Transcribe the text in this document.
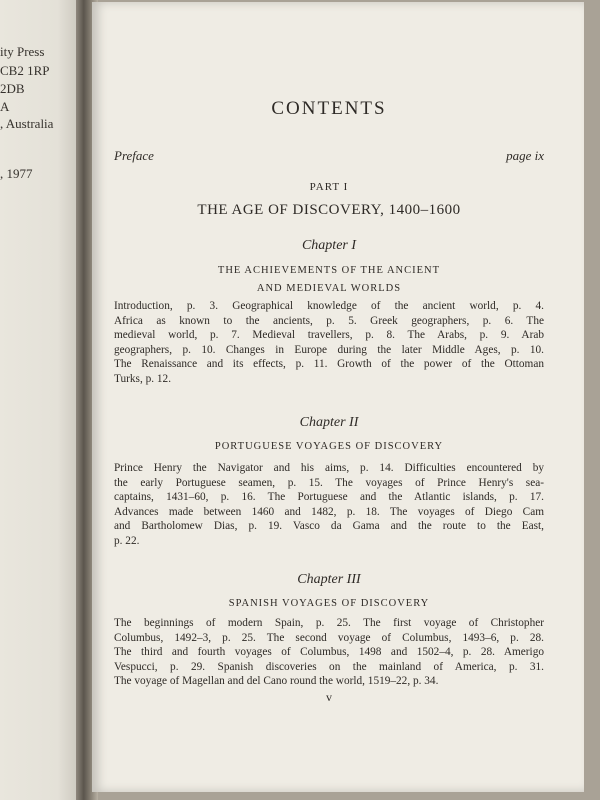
ity Press
CB2 1RP
2DB
A
, Australia
, 1977
CONTENTS
Preface	page ix
PART I
THE AGE OF DISCOVERY, 1400–1600
Chapter I
THE ACHIEVEMENTS OF THE ANCIENT
AND MEDIEVAL WORLDS
Introduction, p. 3. Geographical knowledge of the ancient world, p. 4.
Africa as known to the ancients, p. 5. Greek geographers, p. 6. The
medieval world, p. 7. Medieval travellers, p. 8. The Arabs, p. 9. Arab
geographers, p. 10. Changes in Europe during the later Middle Ages, p. 10.
The Renaissance and its effects, p. 11. Growth of the power of the Ottoman
Turks, p. 12.
Chapter II
PORTUGUESE VOYAGES OF DISCOVERY
Prince Henry the Navigator and his aims, p. 14. Difficulties encountered by
the early Portuguese seamen, p. 15. The voyages of Prince Henry's sea-
captains, 1431–60, p. 16. The Portuguese and the Atlantic islands, p. 17.
Advances made between 1460 and 1482, p. 18. The voyages of Diego Cam
and Bartholomew Dias, p. 19. Vasco da Gama and the route to the East,
p. 22.
Chapter III
SPANISH VOYAGES OF DISCOVERY
The beginnings of modern Spain, p. 25. The first voyage of Christopher
Columbus, 1492–3, p. 25. The second voyage of Columbus, 1493–6, p. 28.
The third and fourth voyages of Columbus, 1498 and 1502–4, p. 28. Amerigo
Vespucci, p. 29. Spanish discoveries on the mainland of America, p. 31.
The voyage of Magellan and del Cano round the world, 1519–22, p. 34.
v
